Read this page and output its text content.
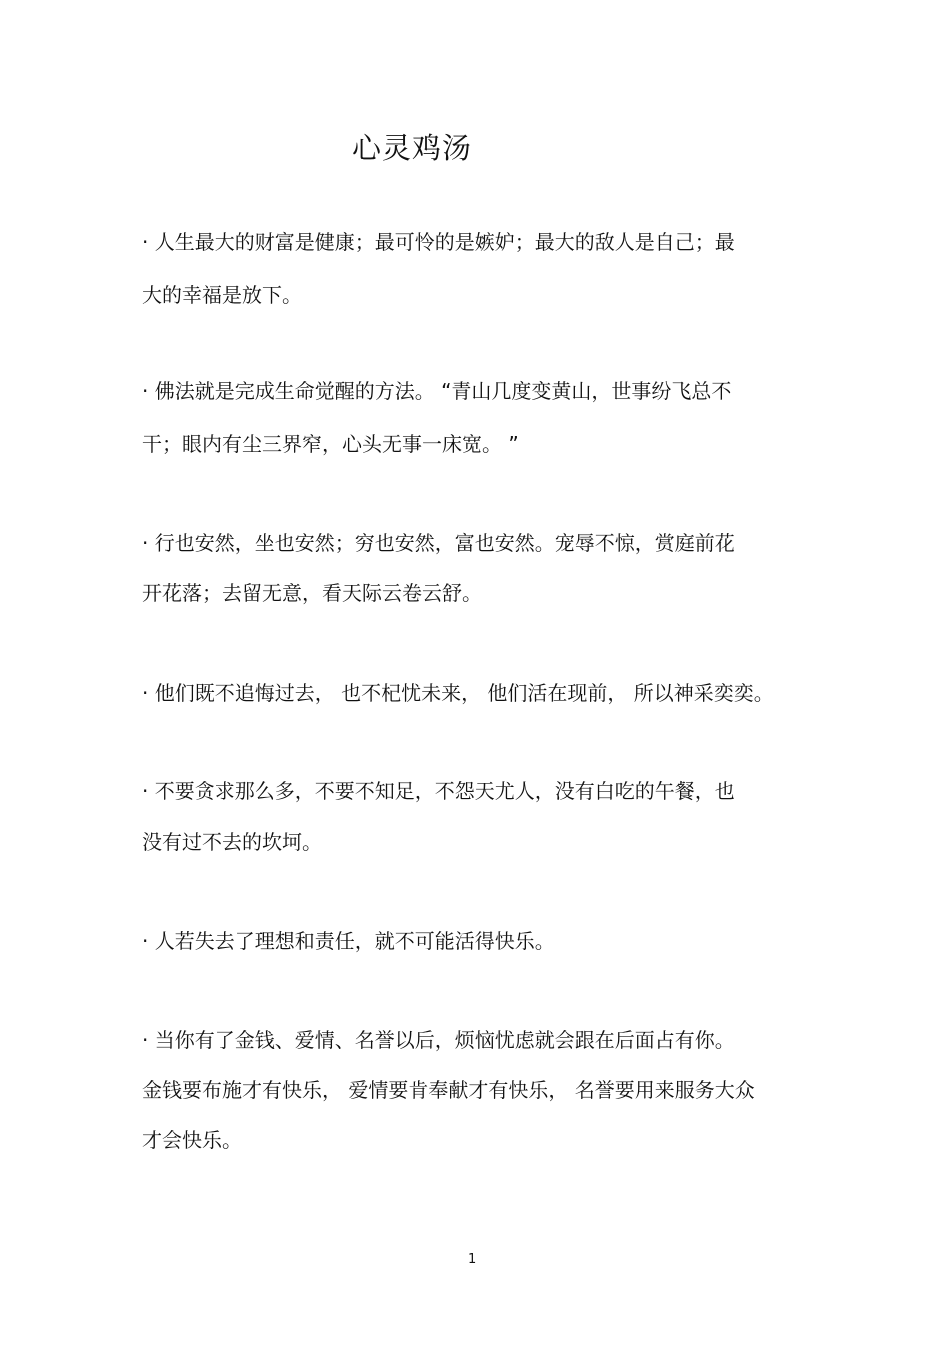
心灵鸡汤
· 人生最大的财富是健康；最可怜的是嫉妒；最大的敌人是自己；最
大的幸福是放下。
· 佛法就是完成生命觉醒的方法。 “青山几度变黄山，世事纷飞总不
干；眼内有尘三界窄，心头无事一床宽。 ”
· 行也安然，坐也安然；穷也安然，富也安然。宠辱不惊，赏庭前花
开花落；去留无意，看天际云卷云舒。
· 他们既不追悔过去， 也不杞忧未来， 他们活在现前， 所以神采奕奕。
· 不要贪求那么多，不要不知足，不怨天尤人，没有白吃的午餐，也
没有过不去的坎坷。
· 人若失去了理想和责任，就不可能活得快乐。
· 当你有了金钱、爱情、名誉以后，烦恼忧虑就会跟在后面占有你。
金钱要布施才有快乐， 爱情要肯奉献才有快乐， 名誉要用来服务大众
才会快乐。
1
